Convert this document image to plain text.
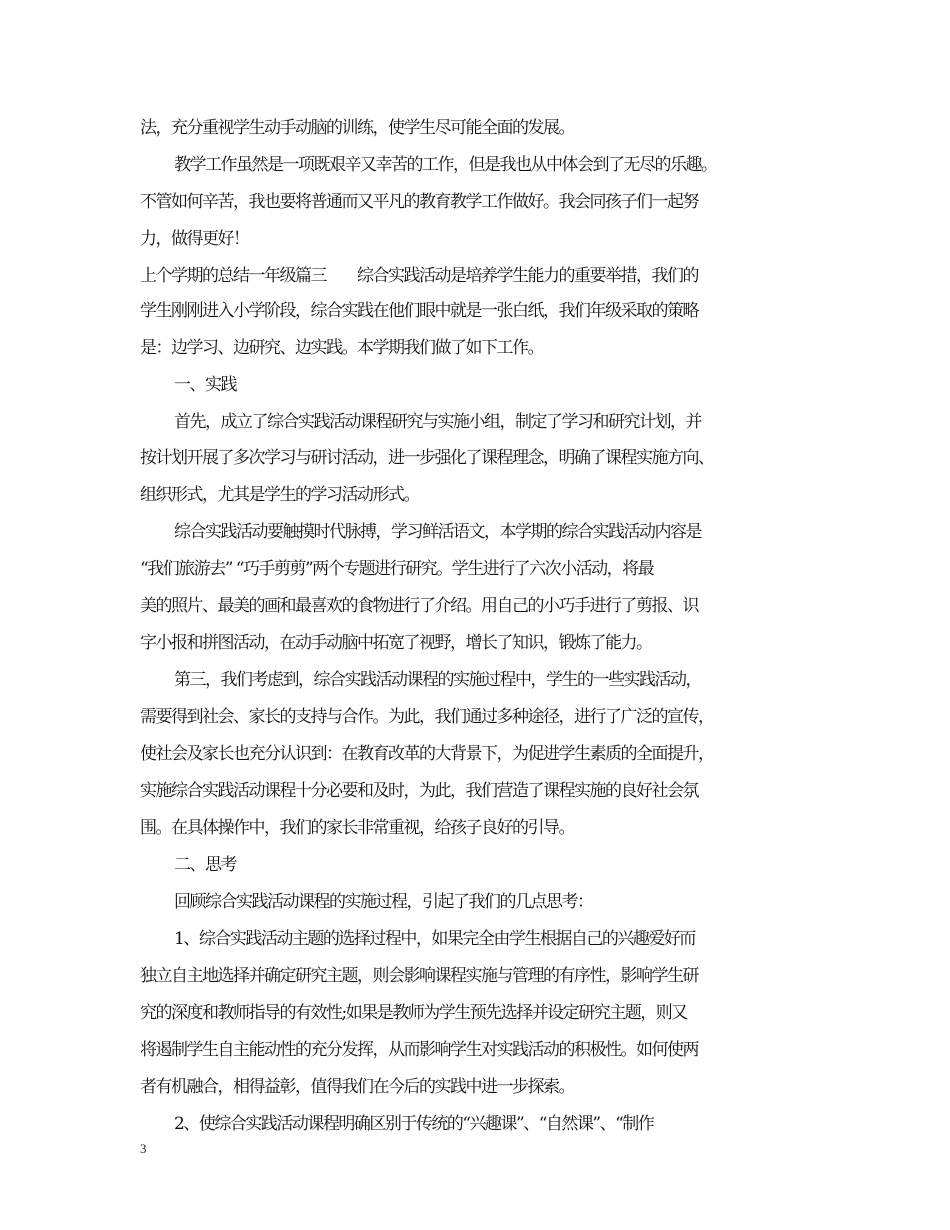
法，充分重视学生动手动脑的训练，使学生尽可能全面的发展。
教学工作虽然是一项既艰辛又幸苦的工作，但是我也从中体会到了无尽的乐趣。
不管如何辛苦，我也要将普通而又平凡的教育教学工作做好。我会同孩子们一起努
力，做得更好！
上个学期的总结一年级篇三　　综合实践活动是培养学生能力的重要举措，我们的
学生刚刚进入小学阶段，综合实践在他们眼中就是一张白纸，我们年级采取的策略
是：边学习、边研究、边实践。本学期我们做了如下工作。
一、实践
首先，成立了综合实践活动课程研究与实施小组，制定了学习和研究计划，并
按计划开展了多次学习与研讨活动，进一步强化了课程理念，明确了课程实施方向、
组织形式，尤其是学生的学习活动形式。
综合实践活动要触摸时代脉搏，学习鲜活语文，本学期的综合实践活动内容是
“我们旅游去” “巧手剪剪”两个专题进行研究。学生进行了六次小活动，将最
美的照片、最美的画和最喜欢的食物进行了介绍。用自己的小巧手进行了剪报、识
字小报和拼图活动，在动手动脑中拓宽了视野，增长了知识，锻炼了能力。
第三，我们考虑到，综合实践活动课程的实施过程中，学生的一些实践活动，
需要得到社会、家长的支持与合作。为此，我们通过多种途径，进行了广泛的宣传，
使社会及家长也充分认识到：在教育改革的大背景下，为促进学生素质的全面提升，
实施综合实践活动课程十分必要和及时，为此，我们营造了课程实施的良好社会氛
围。在具体操作中，我们的家长非常重视，给孩子良好的引导。
二、思考
回顾综合实践活动课程的实施过程，引起了我们的几点思考：
1、综合实践活动主题的选择过程中，如果完全由学生根据自己的兴趣爱好而
独立自主地选择并确定研究主题，则会影响课程实施与管理的有序性，影响学生研
究的深度和教师指导的有效性;如果是教师为学生预先选择并设定研究主题，则又
将遏制学生自主能动性的充分发挥，从而影响学生对实践活动的积极性。如何使两
者有机融合，相得益彰，值得我们在今后的实践中进一步探索。
2、使综合实践活动课程明确区别于传统的“兴趣课”、“自然课”、“制作
3
